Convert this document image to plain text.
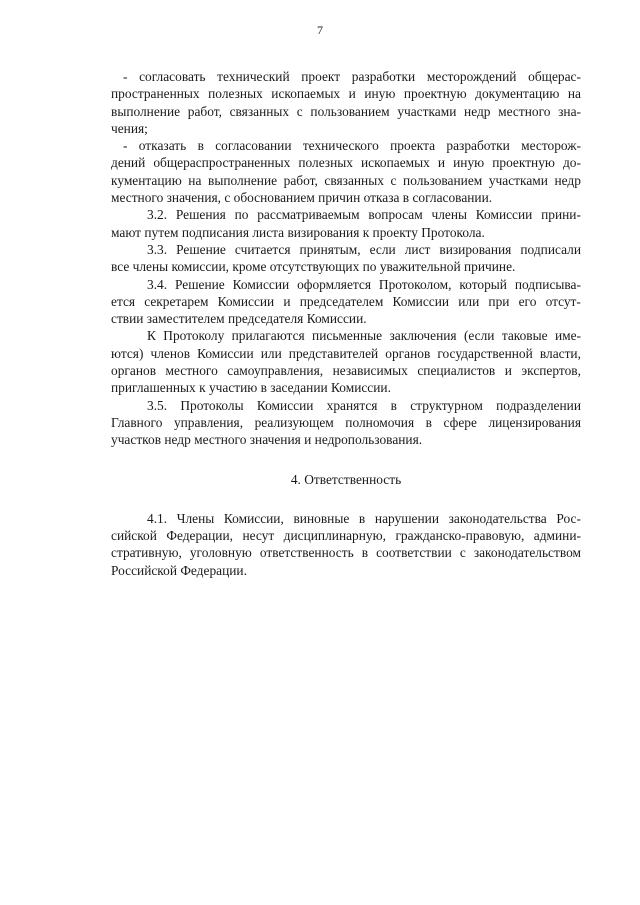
7
- согласовать технический проект разработки месторождений общерас-
пространенных полезных ископаемых и иную проектную документацию на
выполнение работ, связанных с пользованием участками недр местного зна-
чения;
- отказать в согласовании технического проекта разработки месторож-
дений общераспространенных полезных ископаемых и иную проектную до-
кументацию на выполнение работ, связанных с пользованием участками недр
местного значения, с обоснованием причин отказа в согласовании.
3.2. Решения по рассматриваемым вопросам члены Комиссии прини-
мают путем подписания листа визирования к проекту Протокола.
3.3. Решение считается принятым, если лист визирования подписали
все члены комиссии, кроме отсутствующих по уважительной причине.
3.4. Решение Комиссии оформляется Протоколом, который подписыва-
ется секретарем Комиссии и председателем Комиссии или при его отсут-
ствии заместителем председателя Комиссии.
К Протоколу прилагаются письменные заключения (если таковые име-
ются) членов Комиссии или представителей органов государственной власти,
органов местного самоуправления, независимых специалистов и экспертов,
приглашенных к участию в заседании Комиссии.
3.5. Протоколы Комиссии хранятся в структурном подразделении
Главного управления, реализующем полномочия в сфере лицензирования
участков недр местного значения и недропользования.
4. Ответственность
4.1. Члены Комиссии, виновные в нарушении законодательства Рос-
сийской Федерации, несут дисциплинарную, гражданско-правовую, админи-
стративную, уголовную ответственность в соответствии с законодательством
Российской Федерации.
